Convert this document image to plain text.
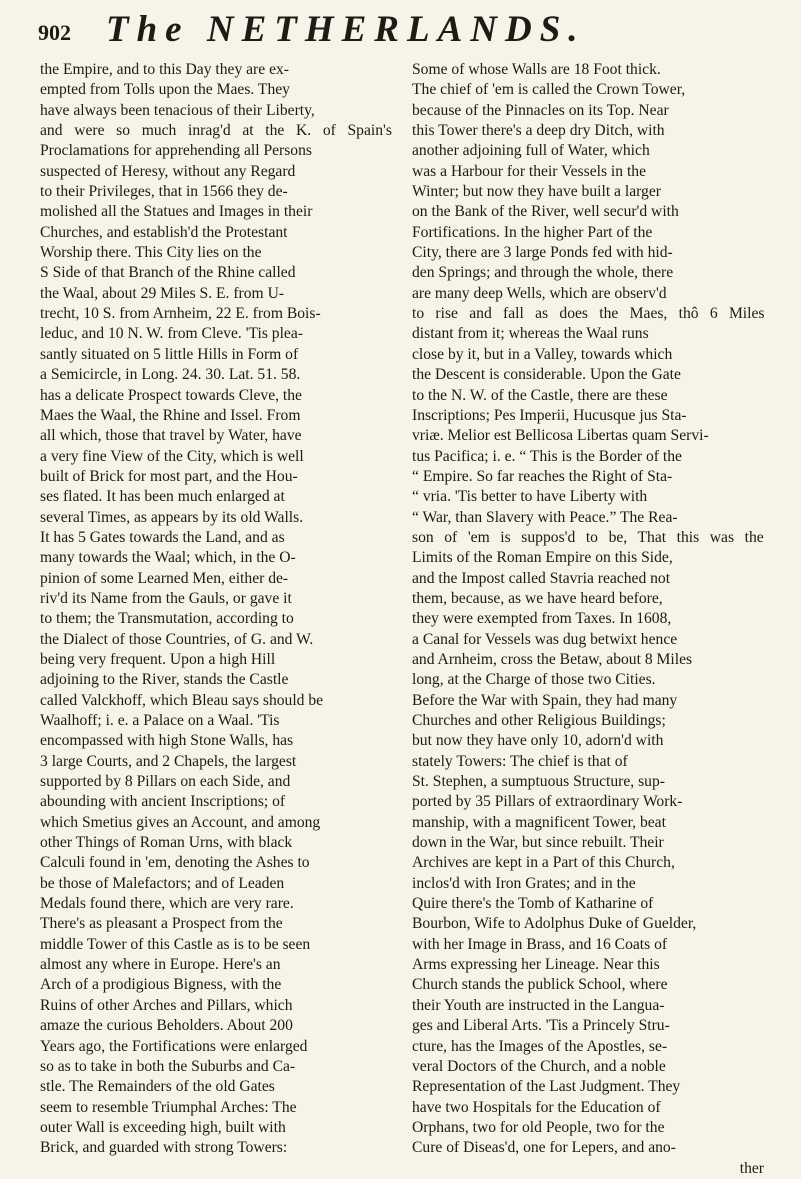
902 The NETHERLANDS.
the Empire, and to this Day they are ex-
empted from Tolls upon the Maes. They
have always been tenacious of their Liberty,
and were so much inrag'd at the K. of Spain's
Proclamations for apprehending all Persons
suspected of Heresy, without any Regard
to their Privileges, that in 1566 they de-
molished all the Statues and Images in their
Churches, and establish'd the Protestant
Worship there. This City lies on the
S Side of that Branch of the Rhine called
the Waal, about 29 Miles S. E. from U-
trecht, 10 S. from Arnheim, 22 E. from Bois-
leduc, and 10 N. W. from Cleve. 'Tis plea-
santly situated on 5 little Hills in Form of
a Semicircle, in Long. 24. 30. Lat. 51. 58.
has a delicate Prospect towards Cleve, the
Maes the Waal, the Rhine and Issel. From
all which, those that travel by Water, have
a very fine View of the City, which is well
built of Brick for most part, and the Hou-
ses flated. It has been much enlarged at
several Times, as appears by its old Walls.
It has 5 Gates towards the Land, and as
many towards the Waal; which, in the O-
pinion of some Learned Men, either de-
riv'd its Name from the Gauls, or gave it
to them; the Transmutation, according to
the Dialect of those Countries, of G. and W.
being very frequent. Upon a high Hill
adjoining to the River, stands the Castle
called Valckhoff, which Bleau says should be
Waalhoff; i. e. a Palace on a Waal. 'Tis
encompassed with high Stone Walls, has
3 large Courts, and 2 Chapels, the largest
supported by 8 Pillars on each Side, and
abounding with ancient Inscriptions; of
which Smetius gives an Account, and among
other Things of Roman Urns, with black
Calculi found in 'em, denoting the Ashes to
be those of Malefactors; and of Leaden
Medals found there, which are very rare.
There's as pleasant a Prospect from the
middle Tower of this Castle as is to be seen
almost any where in Europe. Here's an
Arch of a prodigious Bigness, with the
Ruins of other Arches and Pillars, which
amaze the curious Beholders. About 200
Years ago, the Fortifications were enlarged
so as to take in both the Suburbs and Ca-
stle. The Remainders of the old Gates
seem to resemble Triumphal Arches: The
outer Wall is exceeding high, built with
Brick, and guarded with strong Towers:
Some of whose Walls are 18 Foot thick.
The chief of 'em is called the Crown Tower,
because of the Pinnacles on its Top. Near
this Tower there's a deep dry Ditch, with
another adjoining full of Water, which
was a Harbour for their Vessels in the
Winter; but now they have built a larger
on the Bank of the River, well secur'd with
Fortifications. In the higher Part of the
City, there are 3 large Ponds fed with hid-
den Springs; and through the whole, there
are many deep Wells, which are observ'd
to rise and fall as does the Maes, thô 6 Miles
distant from it; whereas the Waal runs
close by it, but in a Valley, towards which
the Descent is considerable. Upon the Gate
to the N. W. of the Castle, there are these
Inscriptions; Pes Imperii, Hucusque jus Sta-
vriæ. Melior est Bellicosa Libertas quam Servi-
tus Pacifica; i. e. “ This is the Border of the
“ Empire. So far reaches the Right of Sta-
“ vria. 'Tis better to have Liberty with
“ War, than Slavery with Peace.” The Rea-
son of 'em is suppos'd to be, That this was the
Limits of the Roman Empire on this Side,
and the Impost called Stavria reached not
them, because, as we have heard before,
they were exempted from Taxes. In 1608,
a Canal for Vessels was dug betwixt hence
and Arnheim, cross the Betaw, about 8 Miles
long, at the Charge of those two Cities.
Before the War with Spain, they had many
Churches and other Religious Buildings;
but now they have only 10, adorn'd with
stately Towers: The chief is that of
St. Stephen, a sumptuous Structure, sup-
ported by 35 Pillars of extraordinary Work-
manship, with a magnificent Tower, beat
down in the War, but since rebuilt. Their
Archives are kept in a Part of this Church,
inclos'd with Iron Grates; and in the
Quire there's the Tomb of Katharine of
Bourbon, Wife to Adolphus Duke of Guelder,
with her Image in Brass, and 16 Coats of
Arms expressing her Lineage. Near this
Church stands the publick School, where
their Youth are instructed in the Langua-
ges and Liberal Arts. 'Tis a Princely Stru-
cture, has the Images of the Apostles, se-
veral Doctors of the Church, and a noble
Representation of the Last Judgment. They
have two Hospitals for the Education of
Orphans, two for old People, two for the
Cure of Diseas'd, one for Lepers, and ano-
ther
